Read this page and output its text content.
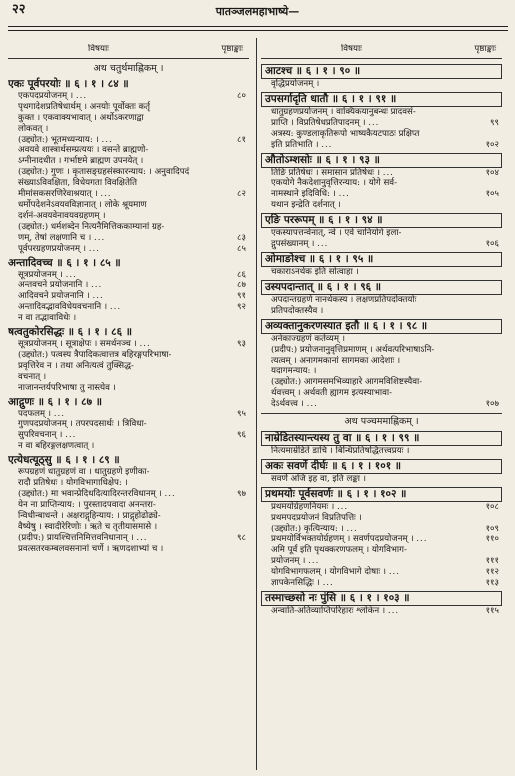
२२	पातञ्जलमहाभाष्ये—
विषयाः	पृष्ठाङ्काः
अथ चतुर्थमाह्निकम् ।
एकः पूर्वपरयोः ॥ ६ । १ । ८४ ॥
एकपदप्रयोजनम् । ...	८०
पृथगादेशप्रतिषेधार्थम् । अनयोः पूर्वोक्तः कर्तृ
कुक्त । एकवाक्यभावात् । अर्थोऽकरणाद्वा
लोकवत् ।
(उद्द्योत:) भूतमध्यन्याय: । ...	८१
अवयवे शास्त्रार्थसम्प्रत्ययः । वसन्ते ब्राह्मणो-
ऽग्नीनादधीत । गर्भाष्टमे ब्राह्मण उपनयेत् ।
(उद्द्योत:) गुणः । कृतासङ्ग्रहसंस्कारन्याय: । अनुवादिपदं
संख्याऽविवक्षिता, विधेयगता विवक्षितेति
मीमांसकसरणिरेवाश्रयात् । ...	८२
धर्मोपदेशनेऽवयवविज्ञानात् । लोके श्रूयमाण
दर्शनं-अवयवेनावयवग्रहणम् ।
(उद्द्योत:) धर्मशब्देन नित्यनैमित्तिककाम्यानां ग्रह-
णम्, तेषां लक्षणानि च । ...	८३
पूर्वपरग्रहणप्रयोजनम् । ...	८५
अन्तादिवच्च ॥ ६ । १ । ८५ ॥
सूत्रप्रयोजनम् । ...	८६
अन्तवचने प्रयोजनानि । ...	८७
आदिवचने प्रयोजनानि । ...	९१
अन्तादिवद्भावविधेयवचनानि । ...	९२
न वा तद्भावाविधेः ।
षत्वतुकोरसिद्धः ॥ ६ । १ । ८६ ॥
सूत्रप्रयोजनम् । सूत्राक्षेपः । समर्थनञ्च । ...	९३
(उद्द्योत:) पत्वस्य त्रैपादिकत्वात्तत्र बहिरङ्गपरिभाषा-
प्रवृत्तिरेव न । तथा अनित्यत्वं तुक्सिद्ध-
वचनात् ।
नाजानन्तर्यपरिभाषा तु नास्त्येव ।
आद्गुणः ॥ ६ । १ । ८७ ॥
पदफलम् । ...	९५
गुणपदप्रयोजनम् । तपरपदसार्थः । त्रिविधा-
सुपरिवचनान् । ...	९६
न वा बहिरङ्गलक्षणत्वात् ।
एत्येधत्यूठ्सु ॥ ६ । १ । ८९ ॥
रूपग्रहणं धातुग्रहणं वा । धातुग्रहणे इणीका-
रादौ प्रतिषेधः । योगविभागाधिक्षेप: ।
(उद्द्योत:) मा भवान्प्रेदिधदित्यादिरन्तरविधानम् । ...	९७
येन ना प्राप्तिन्याय: । पुरस्तादपवादा अनन्तरा-
न्विधीन्बाधन्ते । अक्षराद्गृहिन्याय: । प्राद्गृहोढोढ्ये-
वैष्येषु । स्वादीरेरिणोः । ऋते च तृतीयासमासे ।
(प्रदीप:) प्रायश्चित्तनिमित्तवनिधानान् । ...	९८
प्रवत्सतरकम्बलवसनानां चर्णे । ऋणदशाभ्यां च ।
विषयाः	पृष्ठाङ्काः
आटश्च ॥ ६ । १ । ९० ॥
वृद्धिप्रयोजनम् ।
उपसर्गादृति धातौ ॥ ६ । १ । ९१ ॥
धातुग्रहणप्रयोजनम् । वाक्यिकयानुबन्धः प्रादवसं-
प्राप्ति । विप्रतिषेधप्रतिपादनम् । ...	९९
अत्रस्य: कुण्डलाकृतिरूपो भाष्यकैयटपाठः प्रक्षिप्त
इति प्रतिभाति । ...	१०२
औतोऽम्शसोः ॥ ६ । १ । ९३ ॥
तिङि प्रतिषेधः । समासान प्रतिषेधः । ...	१०४
एकयोगे नैकदेशानुवृत्तिरन्याय: । योगे सर्व-
नामस्थाने इदिविधि: । ...	१०५
यथान इन्द्रेति दर्शनात् ।
एङि पररूपम् ॥ ६ । १ । ९४ ॥
एकस्यापत्तन्वेनात्, न्वे । एवे चानियोगे इला-
द्गुपसंख्यानम् । ...	१०६
ओमाङोश्च ॥ ६ । १ । ९५ ॥
चकाराऽनर्थक इति सोत्वाहा ।
उस्यपदान्तात् ॥ ६ । १ । ९६ ॥
अपदान्तग्रहणे नानर्थकस्य । लक्षणप्रतिपदोक्तयोः
प्रतिपदोक्तस्यैव ।
अव्यक्तानुकरणस्यात इतौ ॥ ६ । १ । ९८ ॥
अनेकाज्ग्रहणं कर्तव्यम् ।
(प्रदीप:) प्रयोजनानुवृत्तिप्रमाणम् । अर्थवत्परिभाषाऽनि-
त्यत्वम् । अनागमकानां सागमका आदेशाः ।
यदागमन्याय: ।
(उद्द्योत:) आगमसमभिव्याहारे आगमविशिष्टस्यैवा-
र्थवत्त्वम् । अर्थवती ह्यागम इत्यस्याभावा-
देऽर्थवत्त्व । ...	१०७
अथ पञ्चममाह्निकम् ।
नाम्रेडितस्यान्त्यस्य तु वा ॥ ६ । १ । ९९ ॥
नित्यमाम्रेडिते डाचि । बिन्धिप्रतिषद्धितत्त्वप्रयः ।
अकः सवर्णे दीर्घः ॥ ६ । १ । १०१ ॥
सवर्णे अजि इह वा, इति लङ्का ।
प्रथमयोः पूर्वसवर्णः ॥ ६ । १ । १०२ ॥
प्रथमयोर्ग्रहणनियमः । ...	१०८
प्रथमपदप्रयोजनं विप्रतिपत्तिः ।
(उद्द्योत:) कृत्यिन्याय: । ...	१०९
प्रथमयोर्विभक्तयोर्ग्रहणम् । सवर्णपदप्रयोजनम् । ...	११०
अमि पूर्वं इति पृथक्करणफलम् । योगविभाग-
प्रयोजनम् । ...	१११
योगविभागफलम् । योगविभागे दोषाः । ...	११२
ज्ञापकेनसिद्धिः । ...	११३
तस्माच्छसो नः पुंसि ॥ ६ । १ । १०३ ॥
अन्वाति-अतिव्याप्तिपरिहारः श्लोकेन । ...	११५
